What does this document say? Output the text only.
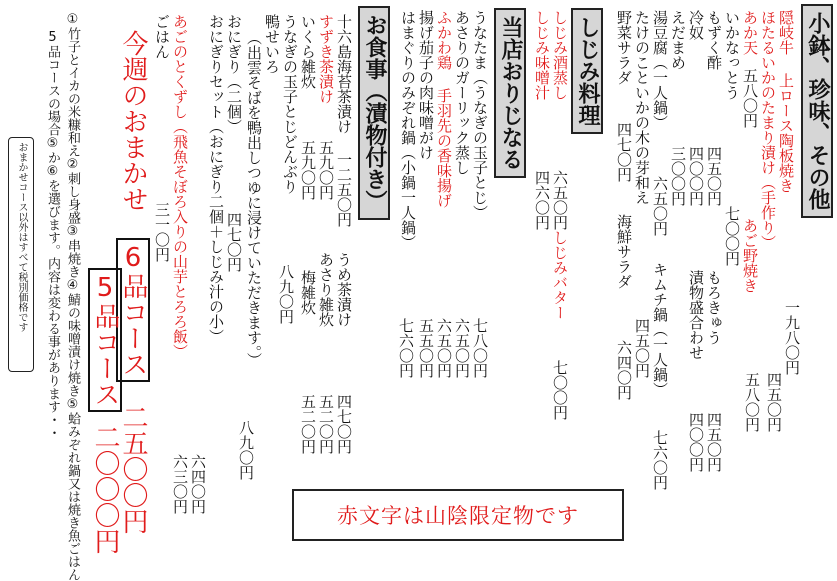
小鉢、珍味、その他
隠岐牛 上ロース陶板焼き
ほたるいかのたまり漬け（手作り）
あか天
五八〇円
あご野焼き
いかなっとう
七〇〇円
もずく酢
四五〇円
冷奴
四〇〇円
えだまめ
三〇〇円
湯豆腐（一人鍋）
六五〇円
キムチ鍋（一人鍋）
七六〇円
たけのこといかの木の芽和え
四五〇円
野菜サラダ
四七〇円
海鮮サラダ
六四〇円	一九八〇円
四五〇円
五八〇円
もろきゅう
四五〇円
漬物盛合わせ
四〇〇円
しじみ料理
しじみ酒蒸し
六五〇円
しじみ味噌汁
四六〇円
しじみバター
七〇〇円
当店おりじなる
うなたま（うなぎの玉子とじ）
七八〇円
あさりのガーリック蒸し
六五〇円
ふかわ鶏 手羽先の香味揚げ
六五〇円
揚げ茄子の肉味噌がけ
五五〇円
はまぐりのみぞれ鍋（小鍋一人鍋）
七六〇円
お食事（漬物付き）
十六島海苔茶漬け 一二五〇円
すずき茶漬け
五九〇円
いくら雑炊
五九〇円
うなぎの玉子とじどんぶり
八九〇円
鴨せいろ
八九〇円
（出雲そばを鴨出しつゆに浸けていただきます。）
おにぎり（二個）
四七〇円
おにぎりセット（おにぎり二個＋しじみ汁の小）
六四〇円
あごのとくずし（飛魚そぼろ入りの山芋とろろ飯）
六三〇円
ごはん
三一〇円
うめ茶漬け
四七〇円
あさり雑炊
五二〇円
梅雑炊
五二〇円
今週のおまかせ
6品コース
二五〇〇円
5品コース
二〇〇〇円
①竹子とイカの米糠和え②刺し身盛③串焼き④鯖の味噌漬け焼き⑤蛤みぞれ鍋又は焼き魚ごはん
5品コースの場合⑤か⑥を選びます。内容は変わる事があります・・
おまかせコース以外はすべて税別価格です
赤文字は山陰限定物です
